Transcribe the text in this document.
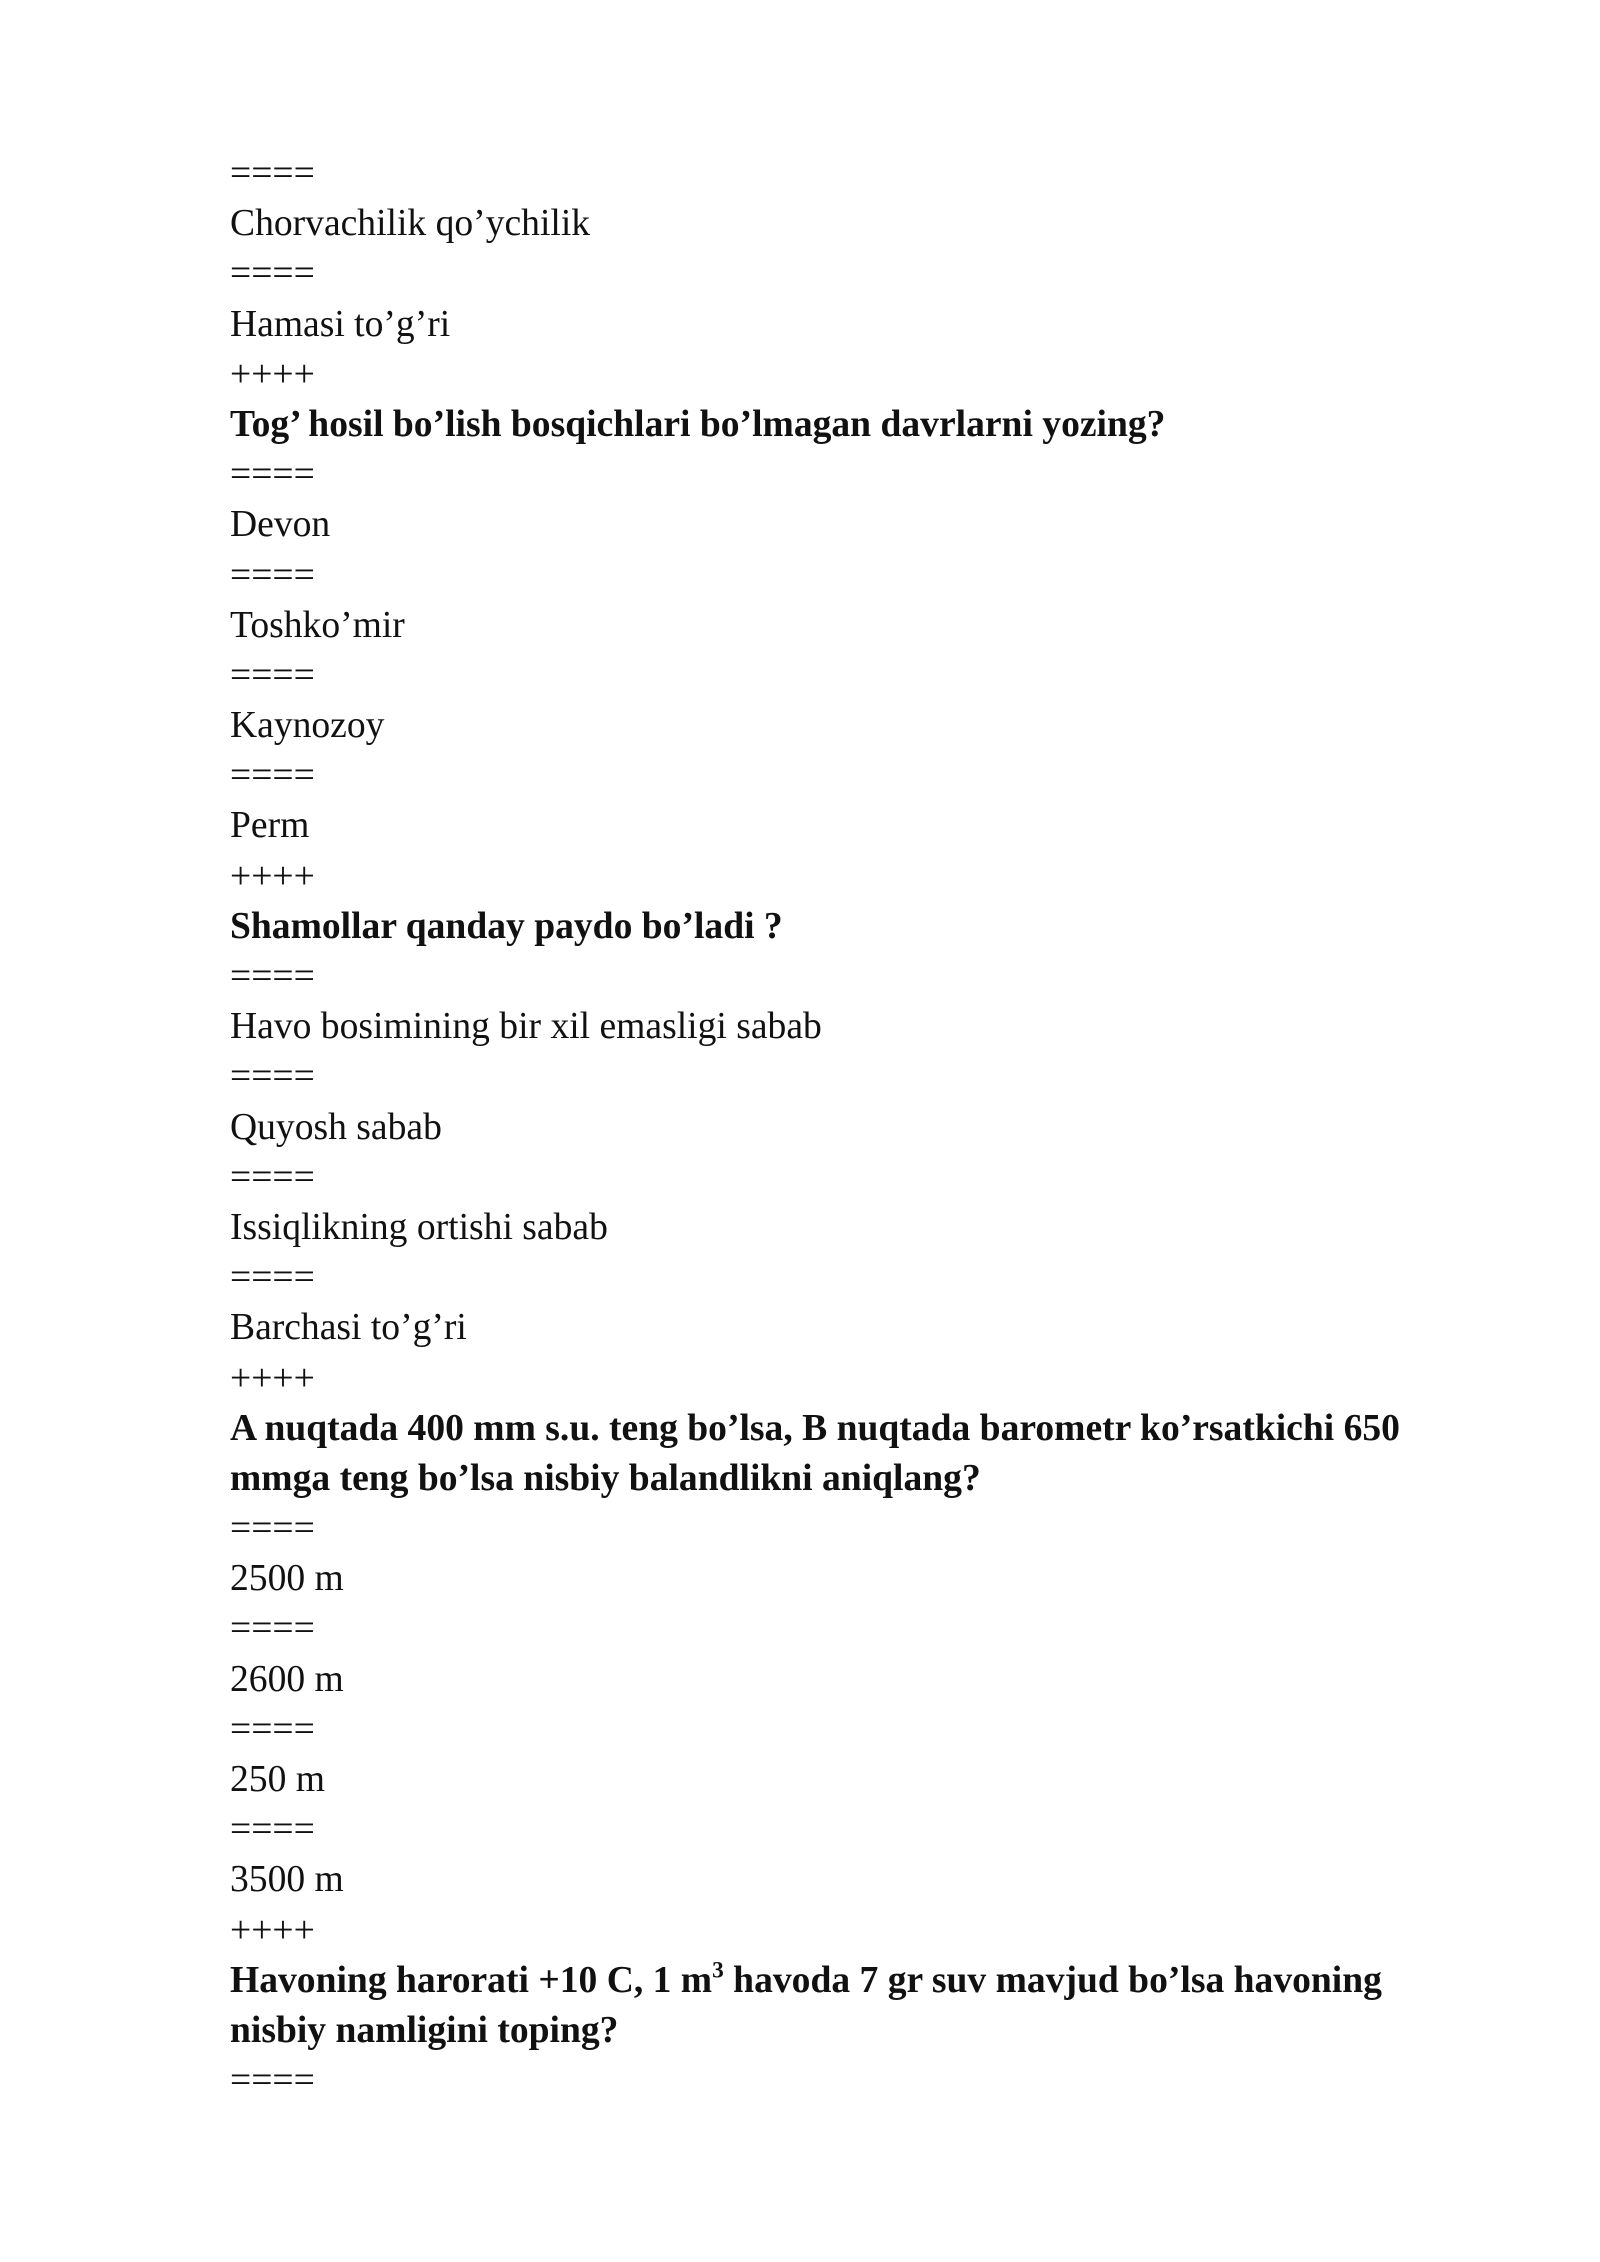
====
Chorvachilik qo’ychilik
====
Hamasi to’g’ri
++++
Tog’ hosil bo’lish bosqichlari bo’lmagan davrlarni yozing?
====
Devon
====
Toshko’mir
====
Kaynozoy
====
Perm
++++
Shamollar qanday paydo bo’ladi ?
====
Havo bosimining bir xil emasligi sabab
====
Quyosh sabab
====
Issiqlikning ortishi sabab
====
Barchasi to’g’ri
++++
A nuqtada 400 mm s.u. teng bo’lsa, B nuqtada barometr ko’rsatkichi 650
mmga teng bo’lsa nisbiy balandlikni aniqlang?
====
2500 m
====
2600 m
====
250 m
====
3500 m
++++
Havoning harorati +10 C, 1 $m^3$ havoda 7 gr suv mavjud bo’lsa havoning
nisbiy namligini toping?
====
